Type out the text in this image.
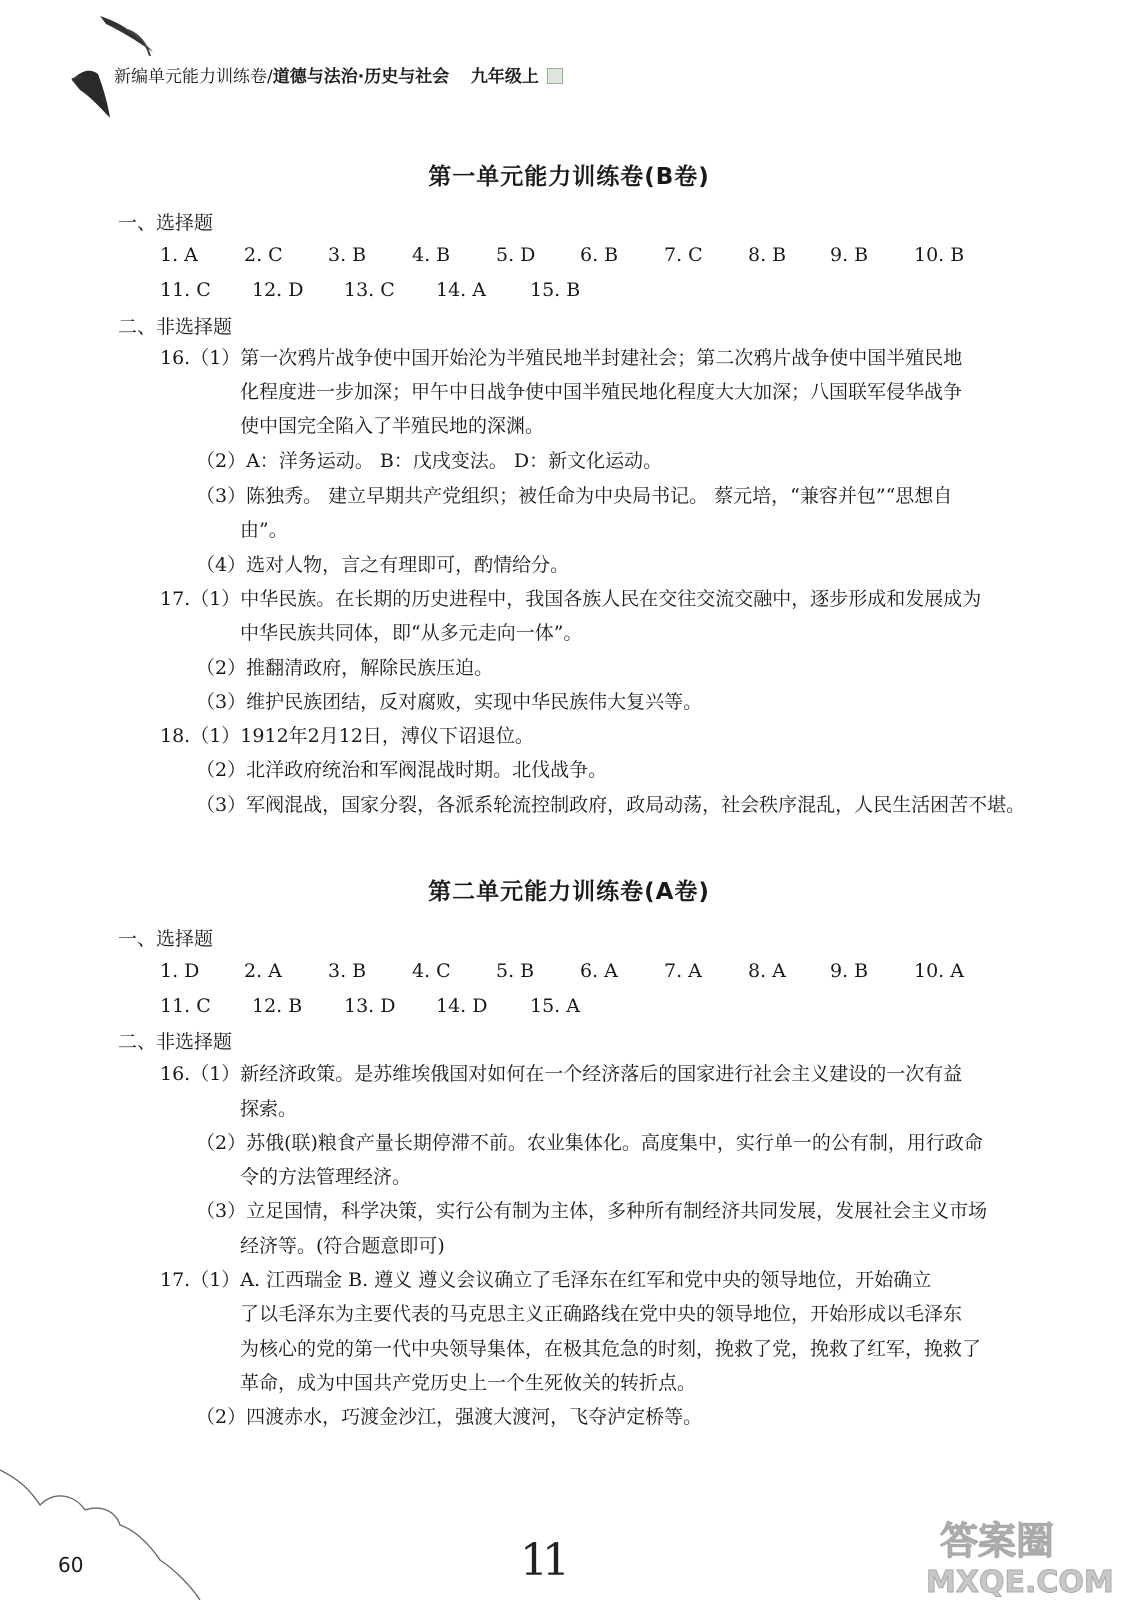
新编单元能力训练卷/道德与法治·历史与社会 九年级上
第一单元能力训练卷(B卷)
一、选择题
1. A 2. C 3. B 4. B 5. D 6. B 7. C 8. B 9. B 10. B
11. C 12. D 13. C 14. A 15. B
二、非选择题
16.（1）第一次鸦片战争使中国开始沦为半殖民地半封建社会；第二次鸦片战争使中国半殖民地
化程度进一步加深；甲午中日战争使中国半殖民地化程度大大加深；八国联军侵华战争
使中国完全陷入了半殖民地的深渊。
（2）A：洋务运动。 B：戊戌变法。 D：新文化运动。
（3）陈独秀。 建立早期共产党组织；被任命为中央局书记。 蔡元培，“兼容并包”“思想自
由”。
（4）选对人物，言之有理即可，酌情给分。
17.（1）中华民族。在长期的历史进程中，我国各族人民在交往交流交融中，逐步形成和发展成为
中华民族共同体，即“从多元走向一体”。
（2）推翻清政府，解除民族压迫。
（3）维护民族团结，反对腐败，实现中华民族伟大复兴等。
18.（1）1912年2月12日，溥仪下诏退位。
（2）北洋政府统治和军阀混战时期。北伐战争。
（3）军阀混战，国家分裂，各派系轮流控制政府，政局动荡，社会秩序混乱，人民生活困苦不堪。
第二单元能力训练卷(A卷)
一、选择题
1. D 2. A 3. B 4. C 5. B 6. A 7. A 8. A 9. B 10. A
11. C 12. B 13. D 14. D 15. A
二、非选择题
16.（1）新经济政策。是苏维埃俄国对如何在一个经济落后的国家进行社会主义建设的一次有益
探索。
（2）苏俄(联)粮食产量长期停滞不前。农业集体化。高度集中，实行单一的公有制，用行政命
令的方法管理经济。
（3）立足国情，科学决策，实行公有制为主体，多种所有制经济共同发展，发展社会主义市场
经济等。(符合题意即可)
17.（1）A. 江西瑞金 B. 遵义 遵义会议确立了毛泽东在红军和党中央的领导地位，开始确立
了以毛泽东为主要代表的马克思主义正确路线在党中央的领导地位，开始形成以毛泽东
为核心的党的第一代中央领导集体，在极其危急的时刻，挽救了党，挽救了红军，挽救了
革命，成为中国共产党历史上一个生死攸关的转折点。
（2）四渡赤水，巧渡金沙江，强渡大渡河，飞夺泸定桥等。
60	11	答案圈
MXQE.COM
